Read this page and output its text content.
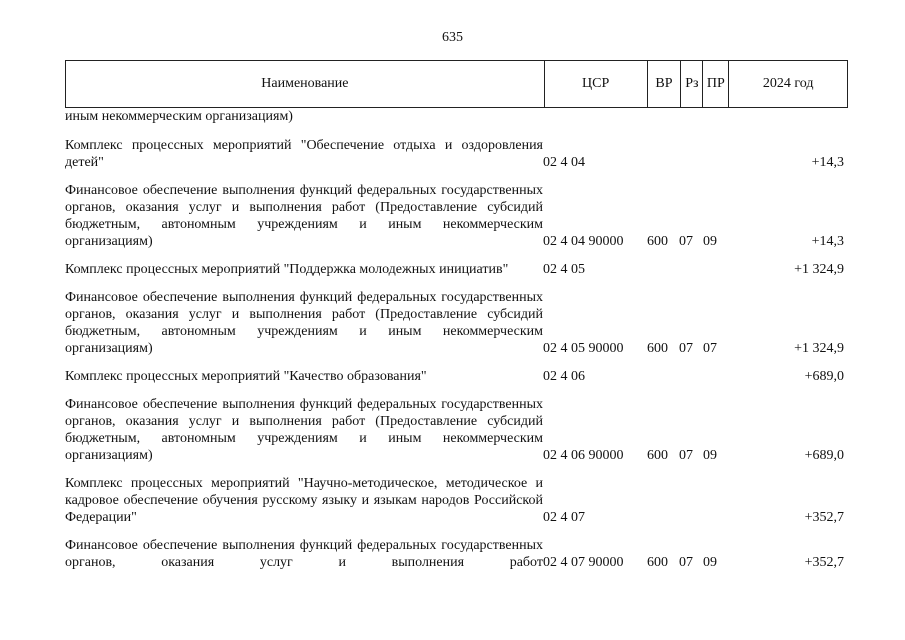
635
Наименование	ЦСР	ВР Рз ПР	2024 год
иным некоммерческим организациям)
Комплекс процессных мероприятий "Обеспечение отдыха и оздоровления детей"	02 4 04	+14,3
Финансовое обеспечение выполнения функций федеральных государственных органов, оказания услуг и выполнения работ (Предоставление субсидий бюджетным, автономным учреждениям и иным некоммерческим организациям)	02 4 04 90000 600 07 09	+14,3
Комплекс процессных мероприятий "Поддержка молодежных инициатив"	02 4 05	+1 324,9
Финансовое обеспечение выполнения функций федеральных государственных органов, оказания услуг и выполнения работ (Предоставление субсидий бюджетным, автономным учреждениям и иным некоммерческим организациям)	02 4 05 90000 600 07 07	+1 324,9
Комплекс процессных мероприятий "Качество образования"	02 4 06	+689,0
Финансовое обеспечение выполнения функций федеральных государственных органов, оказания услуг и выполнения работ (Предоставление субсидий бюджетным, автономным учреждениям и иным некоммерческим организациям)	02 4 06 90000 600 07 09	+689,0
Комплекс процессных мероприятий "Научно-методическое, методическое и кадровое обеспечение обучения русскому языку и языкам народов Российской Федерации"	02 4 07	+352,7
Финансовое обеспечение выполнения функций федеральных государственных органов, оказания услуг и выполнения работ 02 4 07 90000 600 07 09	+352,7
